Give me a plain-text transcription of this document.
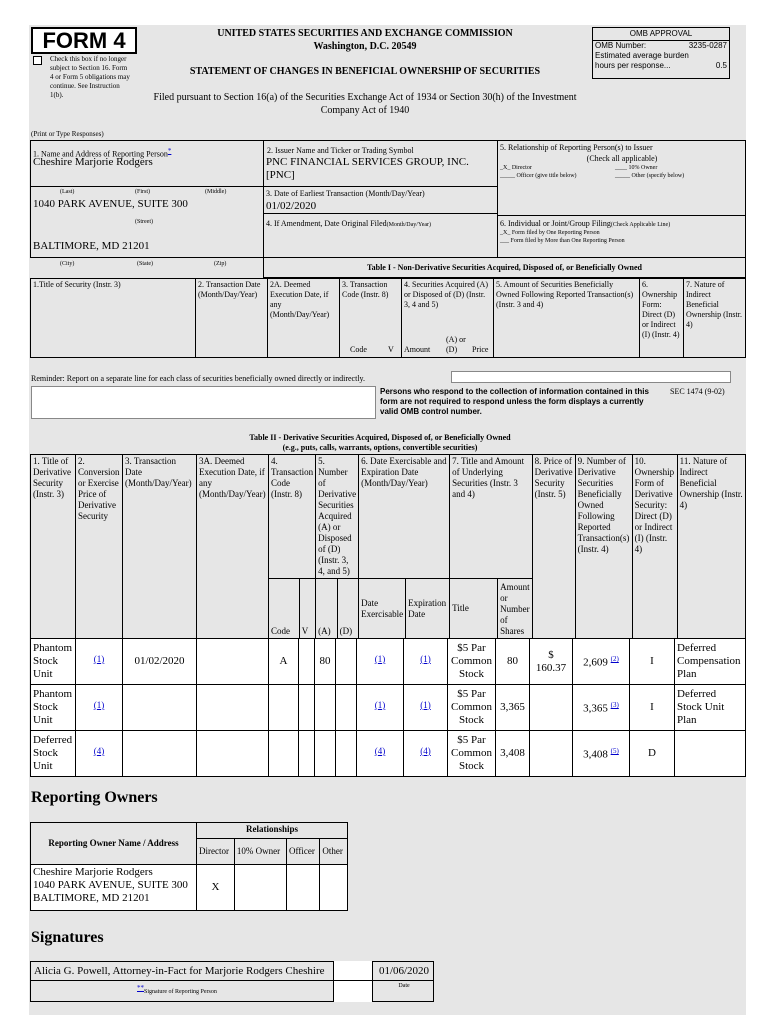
FORM 4
Check this box if no longer subject to Section 16. Form 4 or Form 5 obligations may continue. See Instruction 1(b).
UNITED STATES SECURITIES AND EXCHANGE COMMISSION
Washington, D.C. 20549
STATEMENT OF CHANGES IN BENEFICIAL OWNERSHIP OF SECURITIES
Filed pursuant to Section 16(a) of the Securities Exchange Act of 1934 or Section 30(h) of the Investment Company Act of 1940
(Print or Type Responses)
OMB APPROVAL
OMB Number:	3235-0287
Estimated average burden
hours per response...	0.5
1. Name and Address of Reporting Person*
Cheshire Marjorie Rodgers
(Last)	(First)	(Middle)
1040 PARK AVENUE, SUITE 300
(Street)
BALTIMORE, MD 21201
(City)	(State)	(Zip)
2. Issuer Name and Ticker or Trading Symbol
PNC FINANCIAL SERVICES GROUP, INC. [PNC]
3. Date of Earliest Transaction (Month/Day/Year)
01/02/2020
4. If Amendment, Date Original Filed(Month/Day/Year)
5. Relationship of Reporting Person(s) to Issuer
(Check all applicable)
_X_ Director	____ 10% Owner
_____ Officer (give title below)	_____ Other (specify below)
6. Individual or Joint/Group Filing(Check Applicable Line)
_X_ Form filed by One Reporting Person
___ Form filed by More than One Reporting Person
Table I - Non-Derivative Securities Acquired, Disposed of, or Beneficially Owned
1.Title of Security (Instr. 3)	2. Transaction Date (Month/Day/Year)	2A. Deemed Execution Date, if any (Month/Day/Year)	3. Transaction Code (Instr. 8)
Code	V
	4. Securities Acquired (A) or Disposed of (D) (Instr. 3, 4 and 5)
Amount
(A) or (D)	Price
	5. Amount of Securities Beneficially Owned Following Reported Transaction(s) (Instr. 3 and 4)	6. Ownership Form: Direct (D) or Indirect (I) (Instr. 4)	7. Nature of Indirect Beneficial Ownership (Instr. 4)
Reminder: Report on a separate line for each class of securities beneficially owned directly or indirectly.
Persons who respond to the collection of information contained in this form are not required to respond unless the form displays a currently valid OMB control number.
SEC 1474 (9-02)
Table II - Derivative Securities Acquired, Disposed of, or Beneficially Owned
(e.g., puts, calls, warrants, options, convertible securities)
1. Title of Derivative Security (Instr. 3)	2. Conversion or Exercise Price of Derivative Security	3. Transaction Date (Month/Day/Year)	3A. Deemed Execution Date, if any (Month/Day/Year)	4. Transaction Code (Instr. 8)		5. Number of Derivative Securities Acquired (A) or Disposed of (D) (Instr. 3, 4, and 5)		6. Date Exercisable and Expiration Date (Month/Day/Year)		7. Title and Amount of Underlying Securities (Instr. 3 and 4)		8. Price of Derivative Security (Instr. 5)	9. Number of Derivative Securities Beneficially Owned Following Reported Transaction(s) (Instr. 4)	10. Ownership Form of Derivative Security: Direct (D) or Indirect (I) (Instr. 4)	11. Nature of Indirect Beneficial Ownership (Instr. 4)
				Code	V	(A)	(D)	Date Exercisable	Expiration Date	Title	Amount or Number of Shares				
Phantom Stock Unit	$^{(1)}$	01/02/2020		A		80		$^{(1)}$	$^{(1)}$	$5 Par Common Stock	80	$ 160.37	2,609 $^{(2)}$	I	Deferred Compensation Plan
Phantom Stock Unit	$^{(1)}$							$^{(1)}$	$^{(1)}$	$5 Par Common Stock	3,365		3,365 $^{(3)}$	I	Deferred Stock Unit Plan
Deferred Stock Unit	$^{(4)}$							$^{(4)}$	$^{(4)}$	$5 Par Common Stock	3,408		3,408 $^{(5)}$	D	
Reporting Owners
Reporting Owner Name / Address	Relationships			
	Director	10% Owner	Officer	Other

Cheshire Marjorie Rodgers
1040 PARK AVENUE, SUITE 300
BALTIMORE, MD 21201	X			
Signatures
Alicia G. Powell, Attorney-in-Fact for Marjorie Rodgers Cheshire	01/06/2020
**Signature of Reporting Person
Date
